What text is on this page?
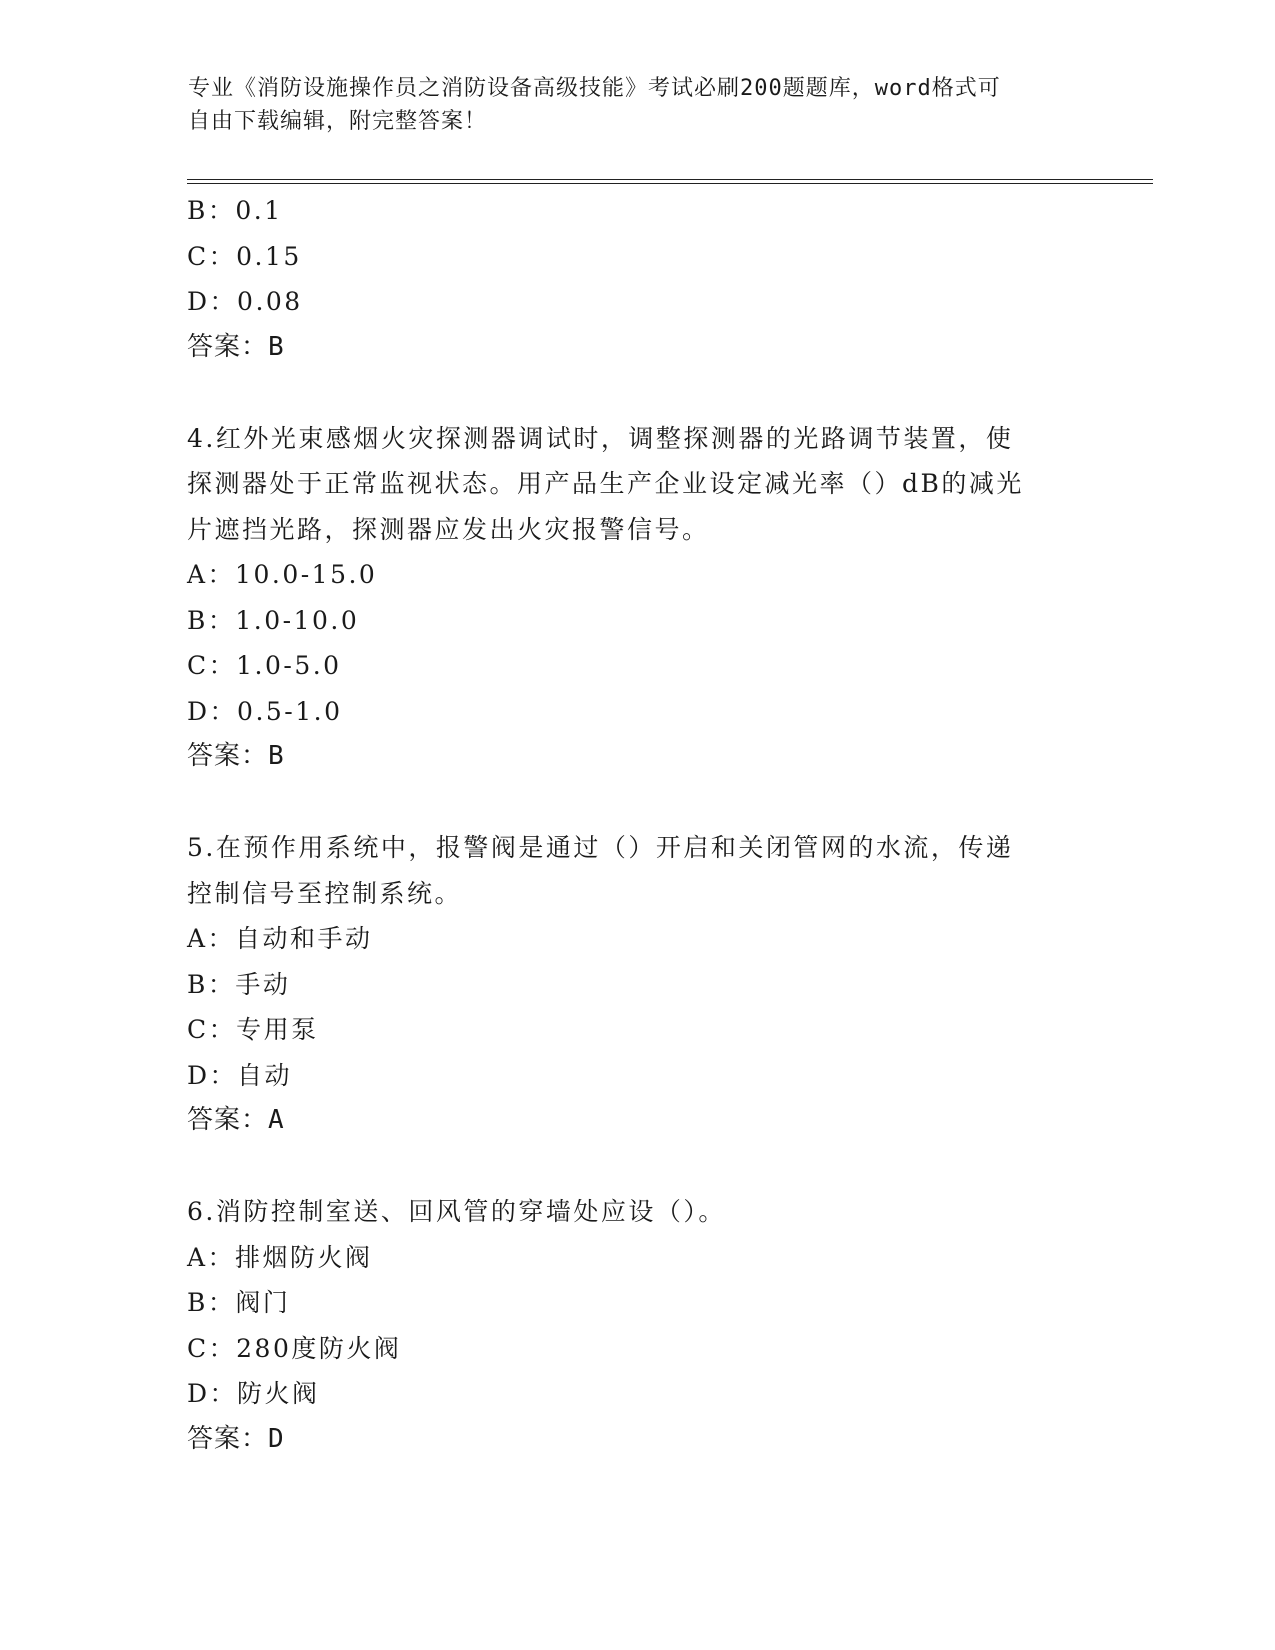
专业《消防设施操作员之消防设备高级技能》考试必刷200题题库，word格式可
自由下载编辑，附完整答案！
B：0.1
C：0.15
D：0.08
答案：B
4.红外光束感烟火灾探测器调试时，调整探测器的光路调节装置，使
探测器处于正常监视状态。用产品生产企业设定减光率（）dB的减光
片遮挡光路，探测器应发出火灾报警信号。
A：10.0-15.0
B：1.0-10.0
C：1.0-5.0
D：0.5-1.0
答案：B
5.在预作用系统中，报警阀是通过（）开启和关闭管网的水流，传递
控制信号至控制系统。
A：自动和手动
B：手动
C：专用泵
D：自动
答案：A
6.消防控制室送、回风管的穿墙处应设（）。
A：排烟防火阀
B：阀门
C：280度防火阀
D：防火阀
答案：D
